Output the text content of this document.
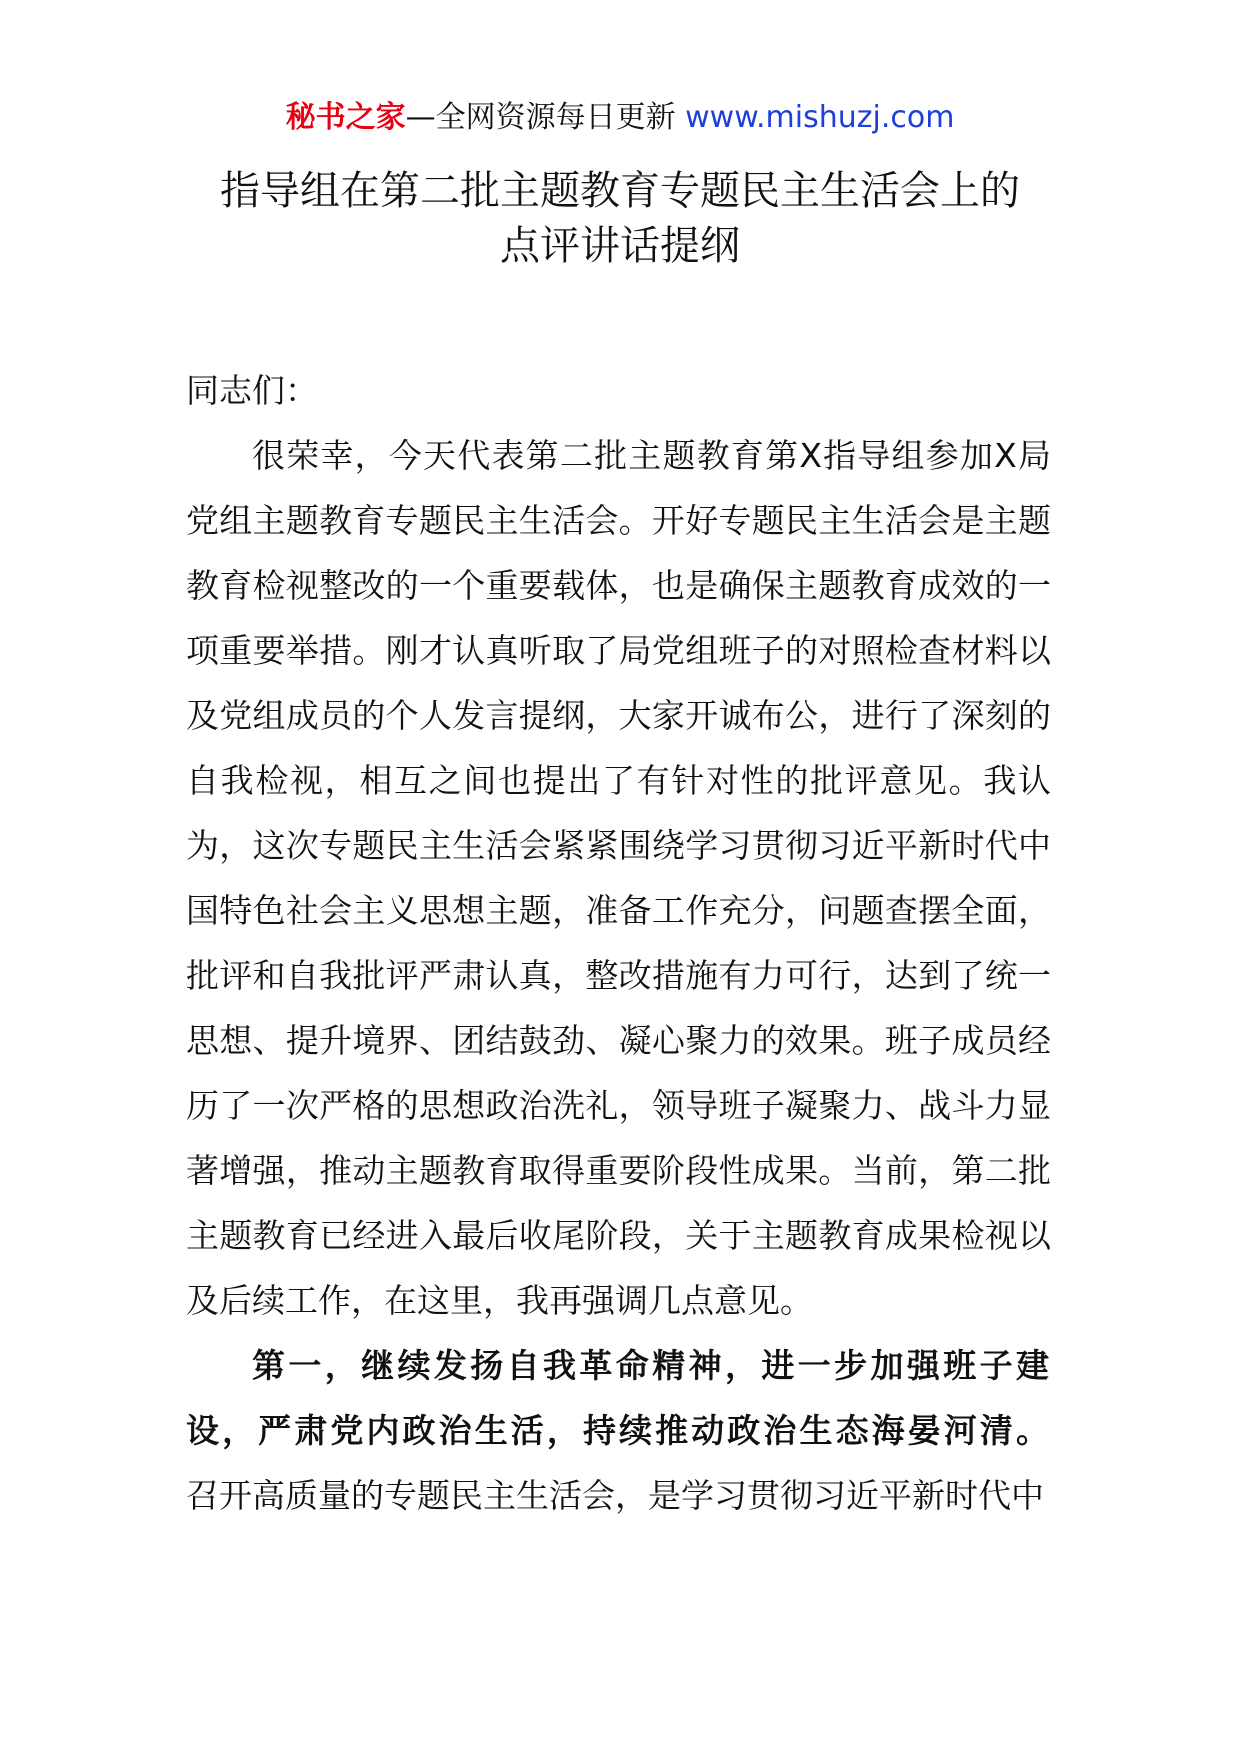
秘书之家—全网资源每日更新 www.mishuzj.com
指导组在第二批主题教育专题民主生活会上的
点评讲话提纲

同志们：

很荣幸，今天代表第二批主题教育第X指导组参加X局党组主题教育专题民主生活会。开好专题民主生活会是主题教育检视整改的一个重要载体，也是确保主题教育成效的一项重要举措。刚才认真听取了局党组班子的对照检查材料以及党组成员的个人发言提纲，大家开诚布公，进行了深刻的自我检视，相互之间也提出了有针对性的批评意见。我认为，这次专题民主生活会紧紧围绕学习贯彻习近平新时代中国特色社会主义思想主题，准备工作充分，问题查摆全面，批评和自我批评严肃认真，整改措施有力可行，达到了统一思想、提升境界、团结鼓劲、凝心聚力的效果。班子成员经历了一次严格的思想政治洗礼，领导班子凝聚力、战斗力显著增强，推动主题教育取得重要阶段性成果。当前，第二批主题教育已经进入最后收尾阶段，关于主题教育成果检视以及后续工作，在这里，我再强调几点意见。

第一，继续发扬自我革命精神，进一步加强班子建设，严肃党内政治生活，持续推动政治生态海晏河清。召开高质量的专题民主生活会，是学习贯彻习近平新时代中
